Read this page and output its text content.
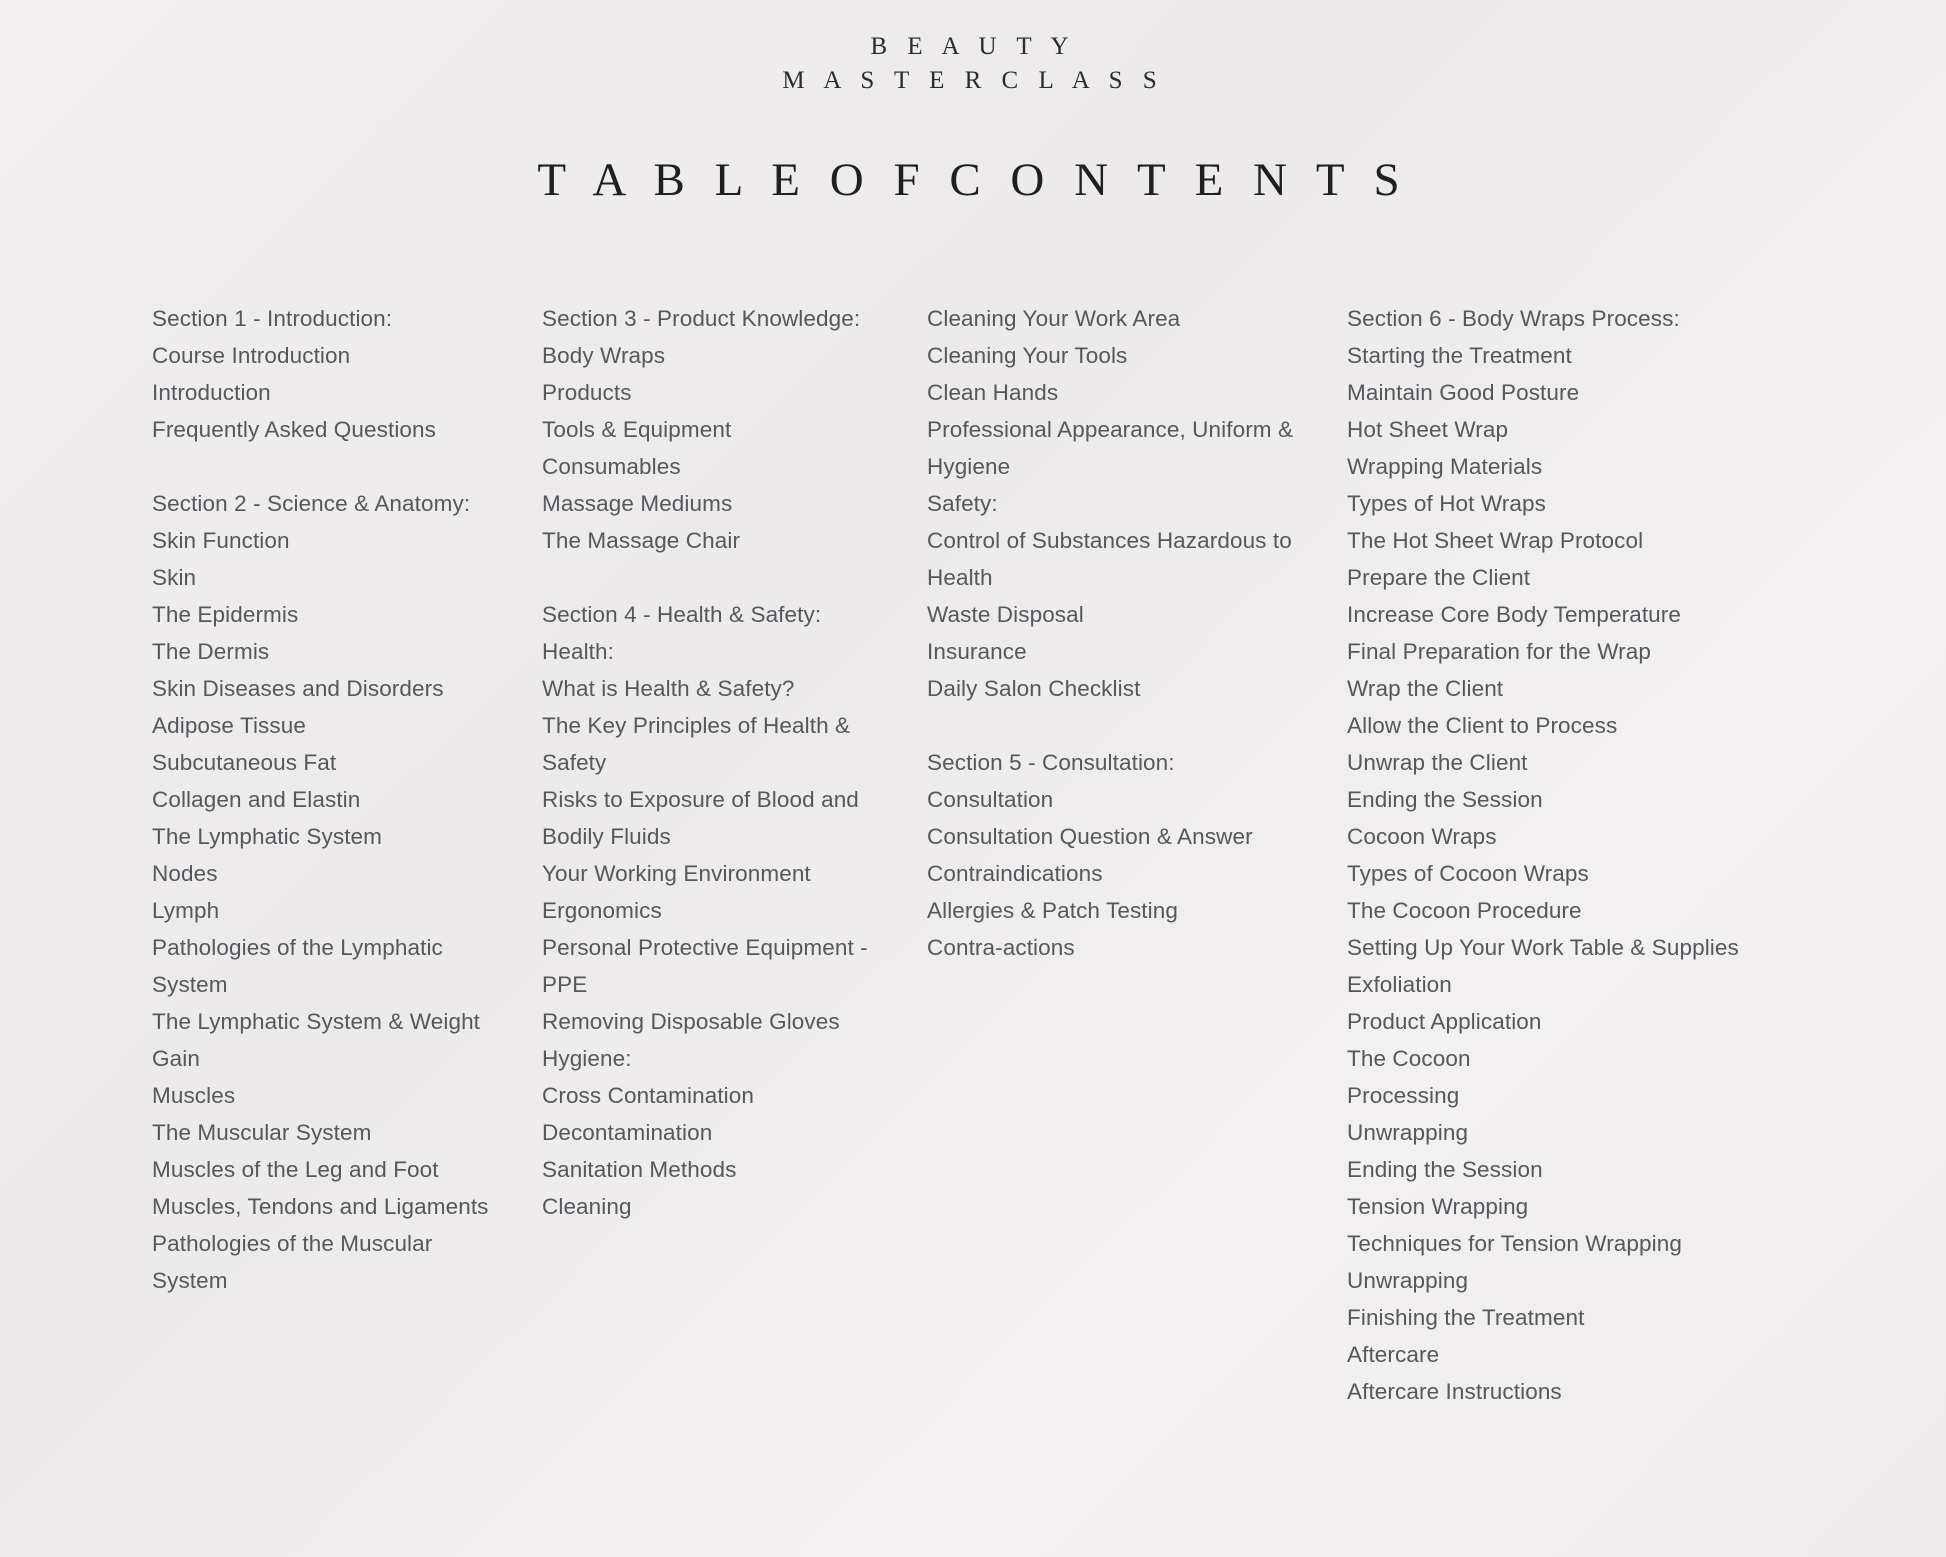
B E A U T Y
M A S T E R C L A S S
T A B L E O F C O N T E N T S
Section 1 - Introduction:
Course Introduction
Introduction
Frequently Asked Questions
Section 2 - Science & Anatomy:
Skin Function
Skin
The Epidermis
The Dermis
Skin Diseases and Disorders
Adipose Tissue
Subcutaneous Fat
Collagen and Elastin
The Lymphatic System
Nodes
Lymph
Pathologies of the Lymphatic System
The Lymphatic System & Weight Gain
Muscles
The Muscular System
Muscles of the Leg and Foot
Muscles, Tendons and Ligaments
Pathologies of the Muscular System
Section 3 - Product Knowledge:
Body Wraps
Products
Tools & Equipment
Consumables
Massage Mediums
The Massage Chair
Section 4 - Health & Safety:
Health:
What is Health & Safety?
The Key Principles of Health & Safety
Risks to Exposure of Blood and Bodily Fluids
Your Working Environment
Ergonomics
Personal Protective Equipment - PPE
Removing Disposable Gloves
Hygiene:
Cross Contamination
Decontamination
Sanitation Methods
Cleaning
Cleaning Your Work Area
Cleaning Your Tools
Clean Hands
Professional Appearance, Uniform & Hygiene
Safety:
Control of Substances Hazardous to Health
Waste Disposal
Insurance
Daily Salon Checklist
Section 5 - Consultation:
Consultation
Consultation Question & Answer
Contraindications
Allergies & Patch Testing
Contra-actions
Section 6 - Body Wraps Process:
Starting the Treatment
Maintain Good Posture
Hot Sheet Wrap
Wrapping Materials
Types of Hot Wraps
The Hot Sheet Wrap Protocol
Prepare the Client
Increase Core Body Temperature
Final Preparation for the Wrap
Wrap the Client
Allow the Client to Process
Unwrap the Client
Ending the Session
Cocoon Wraps
Types of Cocoon Wraps
The Cocoon Procedure
Setting Up Your Work Table & Supplies
Exfoliation
Product Application
The Cocoon
Processing
Unwrapping
Ending the Session
Tension Wrapping
Techniques for Tension Wrapping
Unwrapping
Finishing the Treatment
Aftercare
Aftercare Instructions
